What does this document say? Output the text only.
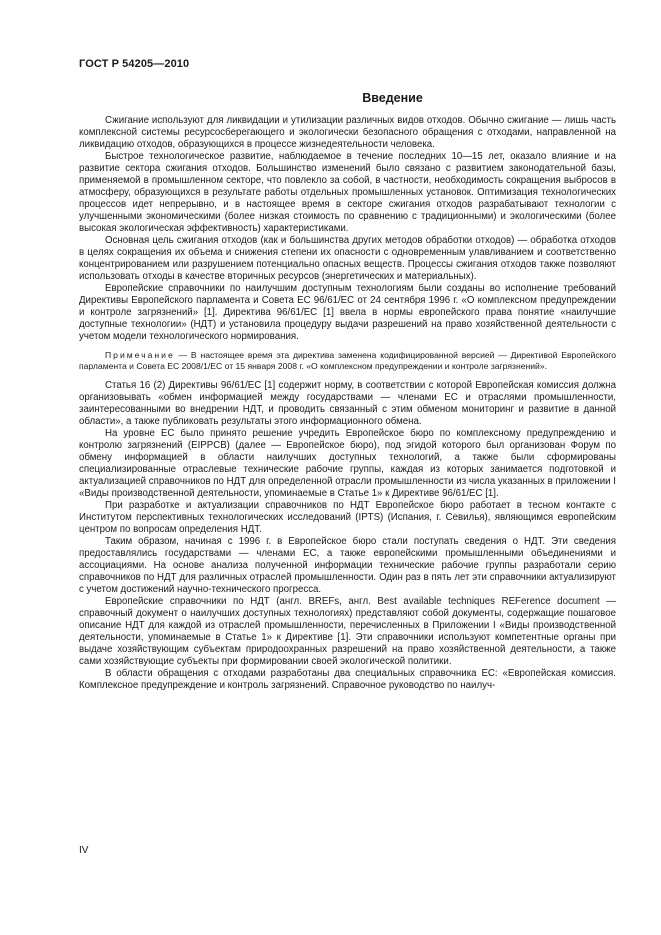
ГОСТ Р 54205—2010
Введение

Сжигание используют для ликвидации и утилизации различных видов отходов. Обычно сжигание — лишь часть комплексной системы ресурсосберегающего и экологически безопасного обращения с отходами, направленной на ликвидацию отходов, образующихся в процессе жизнедеятельности человека.

Быстрое технологическое развитие, наблюдаемое в течение последних 10—15 лет, оказало влияние и на развитие сектора сжигания отходов. Большинство изменений было связано с развитием законодательной базы, применяемой в промышленном секторе, что повлекло за собой, в частности, необходимость сокращения выбросов в атмосферу, образующихся в результате работы отдельных промышленных установок. Оптимизация технологических процессов идет непрерывно, и в настоящее время в секторе сжигания отходов разрабатывают технологии с улучшенными экономическими (более низкая стоимость по сравнению с традиционными) и экологическими (более высокая экологическая эффективность) характеристиками.

Основная цель сжигания отходов (как и большинства других методов обработки отходов) — обработка отходов в целях сокращения их объема и снижения степени их опасности с одновременным улавливанием и соответственно концентрированием или разрушением потенциально опасных веществ. Процессы сжигания отходов также позволяют использовать отходы в качестве вторичных ресурсов (энергетических и материальных).

Европейские справочники по наилучшим доступным технологиям были созданы во исполнение требований Директивы Европейского парламента и Совета ЕС 96/61/ЕС от 24 сентября 1996 г. «О комплексном предупреждении и контроле загрязнений» [1]. Директива 96/61/ЕС [1] ввела в нормы европейского права понятие «наилучшие доступные технологии» (НДТ) и установила процедуру выдачи разрешений на право хозяйственной деятельности с учетом модели технологического нормирования.

Примечание — В настоящее время эта директива заменена кодифицированной версией — Директивой Европейского парламента и Совета ЕС 2008/1/ЕС от 15 января 2008 г. «О комплексном предупреждении и контроле загрязнений».

Статья 16 (2) Директивы 96/61/ЕС [1] содержит норму, в соответствии с которой Европейская комиссия должна организовывать «обмен информацией между государствами — членами ЕС и отраслями промышленности, заинтересованными во внедрении НДТ, и проводить связанный с этим обменом мониторинг и развитие в данной области», а также публиковать результаты этого информационного обмена.

На уровне ЕС было принято решение учредить Европейское бюро по комплексному предупреждению и контролю загрязнений (EIPPCB) (далее — Европейское бюро), под эгидой которого был организован Форум по обмену информацией в области наилучших доступных технологий, а также были сформированы специализированные отраслевые технические рабочие группы, каждая из которых занимается подготовкой и актуализацией справочников по НДТ для определенной отрасли промышленности из числа указанных в приложении I «Виды производственной деятельности, упоминаемые в Статье 1» к Директиве 96/61/ЕС [1].

При разработке и актуализации справочников по НДТ Европейское бюро работает в тесном контакте с Институтом перспективных технологических исследований (IPTS) (Испания, г. Севилья), являющимся европейским центром по вопросам определения НДТ.

Таким образом, начиная с 1996 г. в Европейское бюро стали поступать сведения о НДТ. Эти сведения предоставлялись государствами — членами ЕС, а также европейскими промышленными объединениями и ассоциациями. На основе анализа полученной информации технические рабочие группы разработали серию справочников по НДТ для различных отраслей промышленности. Один раз в пять лет эти справочники актуализируют с учетом достижений научно-технического прогресса.

Европейские справочники по НДТ (англ. BREFs, англ. Best available techniques REFerence document — справочный документ о наилучших доступных технологиях) представляют собой документы, содержащие пошаговое описание НДТ для каждой из отраслей промышленности, перечисленных в Приложении I «Виды производственной деятельности, упоминаемые в Статье 1» к Директиве [1]. Эти справочники используют компетентные органы при выдаче хозяйствующим субъектам природоохранных разрешений на право хозяйственной деятельности, а также сами хозяйствующие субъекты при формировании своей экологической политики.

В области обращения с отходами разработаны два специальных справочника ЕС: «Европейская комиссия. Комплексное предупреждение и контроль загрязнений. Справочное руководство по наилуч-

IV
